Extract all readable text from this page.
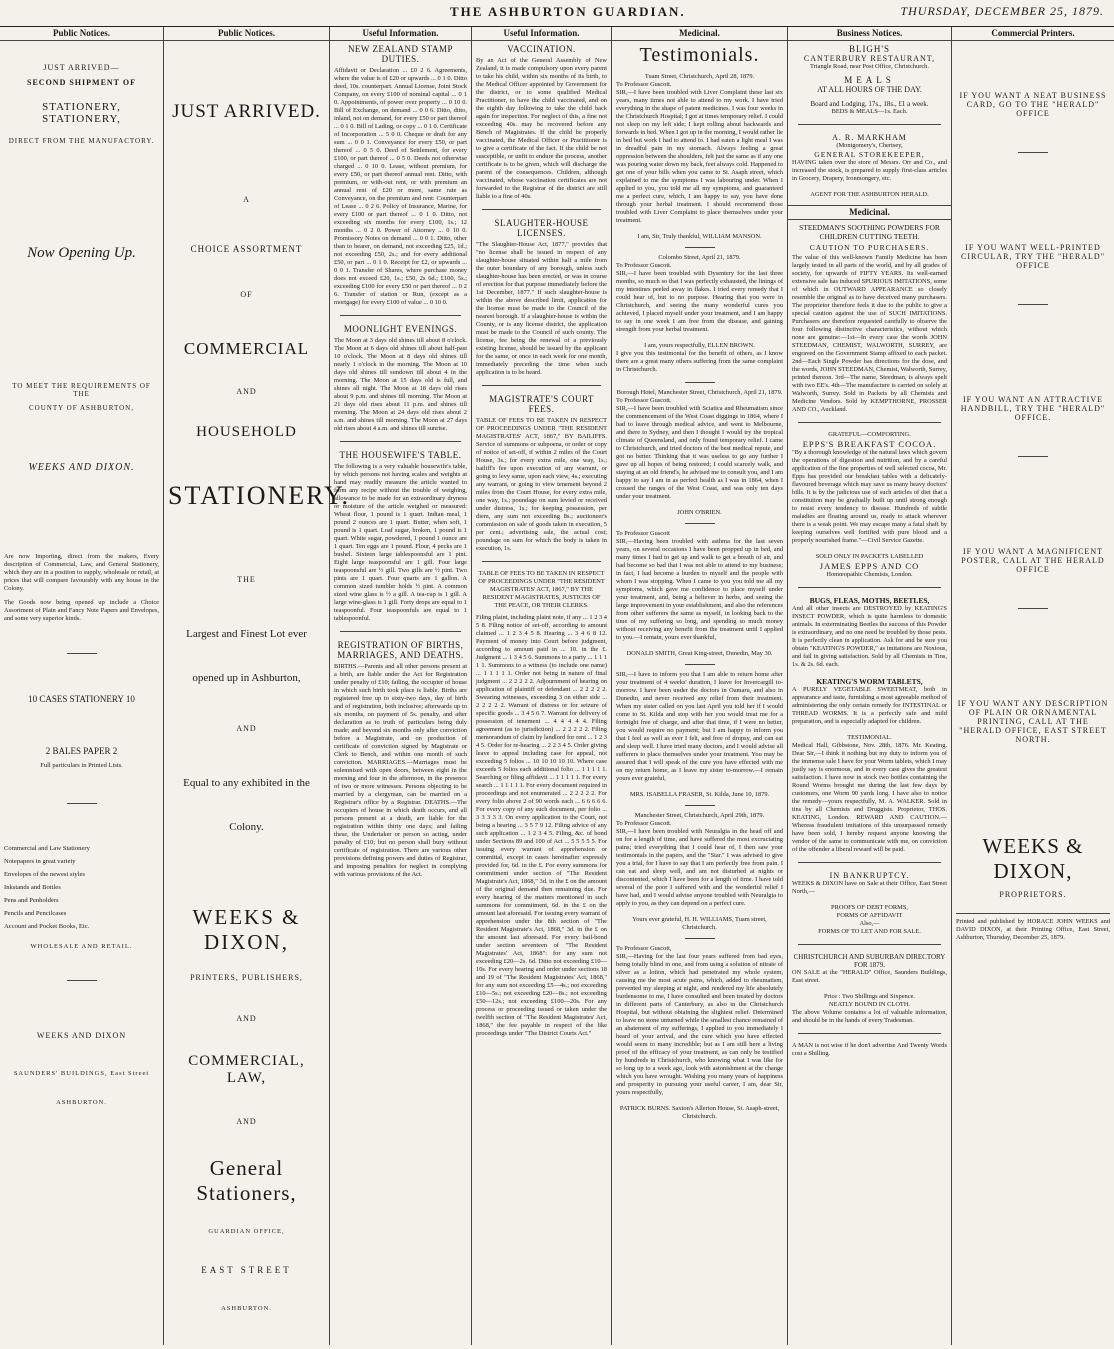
THE ASHBURTON GUARDIAN.	THURSDAY, DECEMBER 25, 1879.
Public Notices.
JUST ARRIVED—
SECOND SHIPMENT OF
STATIONERY, STATIONERY,
DIRECT FROM THE MANUFACTORY.
Now Opening Up.
TO MEET THE REQUIREMENTS OF THE
COUNTY OF ASHBURTON,
WEEKS AND DIXON.
Are now Importing, direct from the makers, Every description of Commercial, Law, and General Stationery, which they are in a position to supply, wholesale or retail, at prices that will compare favourably with any house in the Colony.
The Goods now being opened up include a Choice Assortment of Plain and Fancy Note Papers and Envelopes, and some very superior kinds.
10 CASES STATIONERY 10
2 BALES PAPER 2
Full particulars in Printed Lists.
Commercial and Law Stationery
Notepapers in great variety
Envelopes of the newest styles
Inkstands and Bottles
Pens and Penholders
Pencils and Pencilcases
Account and Pocket Books, Etc.
WHOLESALE AND RETAIL.
WEEKS AND DIXON
SAUNDERS' BUILDINGS, East Street
ASHBURTON.
Public Notices.
JUST ARRIVED.
A
CHOICE ASSORTMENT
OF
COMMERCIAL
AND
HOUSEHOLD
STATIONERY.
THE
Largest and Finest Lot ever
opened up in Ashburton,
AND
Equal to any exhibited in the
Colony.
WEEKS & DIXON,
PRINTERS, PUBLISHERS,
AND
COMMERCIAL, LAW,
AND
General Stationers,
GUARDIAN OFFICE,
EAST STREET
ASHBURTON.
Useful Information.
NEW ZEALAND STAMP DUTIES.
Affidavit or Declaration ... £0 2 6. Agreements, where the value is of £20 or upwards ... 0 1 0. Ditto deed, 10s. counterpart. Annual License, Joint Stock Company, on every £100 of nominal capital ... 0 1 0. Appointments, of power over property ... 0 10 0. Bill of Exchange, on demand ... 0 0 6. Ditto, ditto, inland, not on demand, for every £50 or part thereof ... 0 1 0. Bill of Lading, or copy ... 0 1 0. Certificate of Incorporation ... 5 0 0. Cheque or draft for any sum ... 0 0 1. Conveyance for every £50, or part thereof ... 0 5 0. Deed of Settlement, for every £100, or part thereof ... 0 5 0. Deeds not otherwise charged ... 0 10 0. Lease, without premium, for every £50, or part thereof annual rent. Ditto, with premium, or with-out rent, or with premium an annual rent of £20 or more, same rate as Conveyance, on the premium and rent: Counterpart of Lease ... 0 2 6. Policy of Insurance, Marine, for every £100 or part thereof ... 0 1 0. Ditto, not exceeding six months for every £100, 1s.; 12 months ... 0 2 0. Power of Attorney ... 0 10 0. Promissory Notes on demand ... 0 0 1. Ditto, other than to bearer, on demand, not exceeding £25, 1d.; not exceeding £50, 2s.; and for every additional £50, or part ... 0 1 0. Receipt for £2, or upwards ... 0 0 1. Transfer of Shares, where purchase money does not exceed £20, 1s.; £50, 2s 6d.; £100, 5s.; exceeding £100 for every £50 or part thereof ... 0 2 6. Transfer of station or Run, (except as a mortgage) for every £100 of value ... 0 10 0.
MOONLIGHT EVENINGS.
The Moon at 3 days old shines till about 8 o'clock. The Moon at 6 days old shines till about half-past 10 o'clock. The Moon at 8 days old shines till nearly 1 o'clock in the morning. The Moon at 10 days old shines till sundown till about 4 in the morning. The Moon at 15 days old is full, and shines all night. The Moon at 18 days old rises about 9 p.m. and shines till morning. The Moon at 21 days old rises about 11 p.m. and shines till morning. The Moon at 24 days old rises about 2 a.m. and shines till morning. The Moon at 27 days old rises about 4 a.m. and shines till sunrise.
THE HOUSEWIFE'S TABLE.
The following is a very valuable housewife's table, by which persons not having scales and weights at hand may readily measure the article wanted to form any recipe without the trouble of weighing, allowance to be made for an extraordinary dryness or moisture of the article weighed or measured: Wheat flour, 1 pound is 1 quart. Indian meal, 1 pound 2 ounces are 1 quart. Butter, when soft, 1 pound is 1 quart. Loaf sugar, broken, 1 pound is 1 quart. White sugar, powdered, 1 pound 1 ounce are 1 quart. Ten eggs are 1 pound. Flour, 4 pecks are 1 bushel. Sixteen large tablespoonsful are 1 pint. Eight large teaspoonsful are 1 gill. Four large teaspoonsful are ½ gill. Two gills are ½ pint. Two pints are 1 quart. Four quarts are 1 gallon. A common sized tumbler holds ½ pint. A common sized wine glass is ½ a gill. A tea-cup is 1 gill. A large wine-glass is 1 gill. Forty drops are equal to 1 teaspoonful. Four teaspoonfuls are equal to 1 tablespoonful.
REGISTRATION OF BIRTHS, MARRIAGES, AND DEATHS.
BIRTHS.—Parents and all other persons present at a birth, are liable under the Act for Registration under penalty of £10; failing, the occupier of house in which such birth took place is liable. Births are registered free up to sixty-two days, day of birth and of registration, both inclusive; afterwards up to six months, on payment of 5s. penalty, and after declaration as to truth of particulars being duly made; and beyond six months only after conviction before a Magistrate, and on production of certificate of conviction signed by Magistrate or Clerk to Bench, and within one month of such conviction. MARRIAGES.—Marriages must be solemnised with open doors, between eight in the morning and four in the afternoon, in the presence of two or more witnesses. Persons objecting to be married by a clergyman, can be married on a Registrar's office by a Registrar. DEATHS.—The occupiers of house in which death occurs, and all persons present at a death, are liable for the registration within thirty one days; and failing these, the Undertaker or person so acting, under penalty of £10; but no person shall bury without certificate of registration. There are various other provisions defining powers and duties of Registrar, and imposing penalties for neglect in complying with various provisions of the Act.
Useful Information.
VACCINATION.
By an Act of the General Assembly of New Zealand, it is made compulsory upon every parent to take his child, within six months of its birth, to the Medical Officer appointed by Government for the district, or to some qualified Medical Practitioner, to have the child vaccinated, and on the eighth day following to take the child back again for inspection. For neglect of this, a fine not exceeding 40s. may be recovered before any Bench of Magistrates. If the child be properly vaccinated, the Medical Officer or Practitioner is to give a certificate of the fact. If the child be not susceptible, or unfit to endure the process, another certificate is to be given, which will discharge the parent of the consequences. Children, although vaccinated, whose vaccination certificates are not forwarded to the Registrar of the district are still liable to a fine of 40s.
SLAUGHTER-HOUSE LICENSES.
"The Slaughter-House Act, 1877," provides that "no license shall be issued in respect of any slaughter-house situated within half a mile from the outer boundary of any borough, unless such slaughter-house has been erected, or was in course of erection for that purpose immediately before the 1st December, 1877." If such slaughter-house is within the above described limit, application for the license must be made to the Council of the nearest borough. If a slaughter-house is within the County, or is any license district, the application must be made to the Council of such county. The license, fee being the renewal of a previously existing license, should be issued by the applicant for the same, or once in each week for one month, immediately preceding the time when such application is to be heard.
MAGISTRATE'S COURT FEES.
TABLE OF FEES TO BE TAKEN IN RESPECT OF PROCEEDINGS UNDER "THE RESIDENT MAGISTRATES' ACT, 1867," BY BAILIFFS. Service of summons or subpoena, or order or copy of notice of set-off, if within 2 miles of the Court House, 3s.; for every extra mile, one way, 1s.; bailiff's fee upon execution of any warrant, or going to levy same, upon each view, 4s.; executing any warrant, or going to view tenement beyond 2 miles from the Court House, for every extra mile, one way, 1s.; poundage on sum levied or received under distress, 1s.; for keeping possession, per diem, any sum not exceeding 8s.; auctioneer's commission on sale of goods taken in execution, 5 per cent.; advertising sale, the actual cost; poundage on sum for which the body is taken in execution, 1s.
TABLE OF FEES TO BE TAKEN IN RESPECT OF PROCEEDINGS UNDER "THE RESIDENT MAGISTRATES' ACT, 1867," BY THE RESIDENT MAGISTRATES, JUSTICES OF THE PEACE, OR THEIR CLERKS.
Filing plaint, including plaint note, if any ... 1 2 3 4 5 8. Filing notice of set-off, according to amount claimed ... 1 2 3 4 5 8. Hearing ... 3 4 6 8 12. Payment of money into Court before judgment, according to amount paid in ... 10. in the £. Judgment ... 1 3 4 5 6. Summons to a party ... 1 1 1 1 1. Summons to a witness (to include one name) ... 1 1 1 1 1. Order not being in nature of final judgment ... 2 2 2 2 2. Adjournment of hearing on application of plaintiff or defendant ... 2 2 2 2 2. Swearing witnesses, exceeding 3 on either side ... 2 2 2 2 2. Warrant of distress or for seizure of specific goods ... 3 4 5 6 7. Warrant for delivery of possession of tenement ... 4 4 4 4 4. Filing agreement (as to jurisdiction) ... 2 2 2 2 2. Filing memorandum of claim by landlord for rent ... 1 2 3 4 5. Order for re-hearing ... 2 2 3 4 5. Order giving leave to appeal including case for appeal, not exceeding 5 folios ... 10 10 10 10 10. Where case exceeds 5 folios each additional folio ... 1 1 1 1 1. Searching or filing affidavit ... 1 1 1 1 1. For every search ... 1 1 1 1 1. For every document required in proceedings and not enumerated ... 2 2 2 2 2. For every folio above 2 of 90 words each ... 6 6 6 6 6. For every copy of any such document, per folio ... 3 3 3 3 3. On every application to the Court, not being a hearing ... 3 5 7 9 12. Filing advice of any such application ... 1 2 3 4 5. Filing, &c. of bond under Sections 89 and 100 of Act ... 5 5 5 5 5. For issuing every warrant of apprehension or committal, except in cases hereinafter expressly provided for, 6d. in the £. For every summons for commitment under section of "The Resident Magistrate's Act, 1868," 3d. in the £ on the amount of the original demand then remaining due. For every hearing of the matters mentioned in such summons for commitment, 6d. in the £ on the amount last aforesaid. For issuing every warrant of apprehension under the 8th section of "The Resident Magistrate's Act, 1868," 3d. in the £ on the amount last aforesaid. For every bail-bond under section seventeen of "The Resident Magistrates' Act, 1868": for any sum not exceeding £20—2s. 6d. Ditto not exceeding £10—10s. For every hearing and order under sections 18 and 19 of "The Resident Magistrates' Act, 1868," for any sum not exceeding £5—4s.; not exceeding £10—5s.; not exceeding £20—8s.; not exceeding £50—12s.; not exceeding £100—20s. For any process or proceeding issued or taken under the twelfth section of "The Resident Magistrates' Act, 1868," the fee payable in respect of the like proceedings under "The District Courts Act."
Medicinal.
Testimonials.
Tuam Street, Christchurch, April 28, 1879.
To Professor Guscott.
SIR,—I have been troubled with Liver Complaint these last six years, many times not able to attend to my work. I have tried everything in the shape of patent medicines. I was four weeks in the Christchurch Hospital; I got at times temporary relief. I could not sleep on my left side; I kept rolling about backwards and forwards in bed. When I got up in the morning, I would rather lie in bed but work I had to attend to. I had eaten a light meal I was in dreadful pain in my stomach. Always feeling a great oppression between the shoulders, felt just the same as if any one was pouring water down my back, feet always cold. Happened to get one of your bills when you came to St. Asaph street, which explained to me the symptoms I was labouring under. When I applied to you, you told me all my symptoms, and guaranteed me a perfect cure, which, I am happy to say, you have done through your herbal treatment. I should recommend those troubled with Liver Complaint to place themselves under your treatment.
I am, Sir, Truly thankful, WILLIAM MANSON.
Colombo Street, April 21, 1879.
To Professor Guscott.
SIR,—I have been troubled with Dysentery for the last three months, so much so that I was perfectly exhausted, the linings of my intestines peeled away in flakes. I tried every remedy that I could hear of, but to no purpose. Hearing that you were in Christchurch, and seeing the many wonderful cures you achieved, I placed myself under your treatment, and I am happy to say in one week I am free from the disease, and gaining strength from your herbal treatment.
I am, yours respectfully, ELLEN BROWN.
I give you this testimonial for the benefit of others, as I know there are a great many others suffering from the same complaint in Christchurch.
Borough Hotel, Manchester Street, Christchurch, April 21, 1879.
To Professor Guscott.
SIR,—I have been troubled with Sciatica and Rheumatism since the commencement of the West Coast diggings in 1864, where I had to leave through medical advice, and went to Melbourne, and there to Sydney, and then I thought I would try the tropical climate of Queensland, and only found temporary relief. I came to Christchurch, and tried doctors of the best medical repute, and got no better. Thinking that it was useless to go any further I gave up all hopes of being restored; I could scarcely walk, and staying at an old friend's, he advised me to consult you, and I am happy to say I am in as perfect health as I was in 1864, when I crossed the ranges of the West Coast, and was only ten days under your treatment.
JOHN O'BRIEN.
To Professor Guscott
SIR,—Having been troubled with asthma for the last seven years, on several occasions I have been propped up in bed, and many times I had to get up and walk to get a breath of air, and had become so bad that I was not able to attend to my business; in fact, I had become a burden to myself and the people with whom I was stopping. When I came to you you told me all my symptoms, which gave me confidence to place myself under your treatment, and, being a believer in herbs, and seeing the large improvement in your establishment, and also the references from other sufferers the same as myself, in looking back to the time of my suffering so long, and spending so much money without receiving any benefit from the treatment until I applied to you.—I remain, yours ever thankful,
DONALD SMITH, Great King-street, Dunedin, May 30.
SIR,—I have to inform you that I am able to return home after your treatment of 4 weeks' duration, I leave for Invercargill to-morrow. I have been under the doctors in Oamaru, and also in Dunedin, and never received any relief from their treatment. When my sister called on you last April you told her if I would come to St. Kilda and stop with her you would treat me for a fortnight free of charge, and after that time, if I were no better, you would require no payment; but I am happy to inform you that I feel as well as ever I felt, and free of dropsy, and can eat and sleep well. I have tried many doctors, and I would advise all sufferers to place themselves under your treatment. You may be assured that I will speak of the cure you have effected with me on my return home, as I leave my sister to-morrow.—I remain yours ever grateful,
MRS. ISABELLA FRASER, St. Kilda, June 10, 1879.
Manchester Street, Christchurch, April 29th, 1879.
To Professor Guscott.
SIR,—I have been troubled with Neuralgia in the head off and on for a length of time, and have suffered the most excruciating pains; tried everything that I could hear of, I then saw your testimonials in the papers, and the "Star." I was advised to give you a trial, for I have to say that I am perfectly free from pain. I can eat and sleep well, and am not disturbed at nights or discontented, which I have been for a length of time. I have told several of the poor I suffered with and the wonderful relief I have had, and I would advise anyone troubled with Neuralgia to apply to you, as they can depend on a perfect cure.
Yours ever grateful, H. H. WILLIAMS, Tuam street, Christchurch.
To Professor Guscott,
SIR,—Having for the last four years suffered from bad eyes, being totally blind in one, and from using a solution of nitrate of silver as a lotion, which had penetrated my whole system, causing me the most acute pains, which, added to rheumatism, prevented my sleeping at night, and rendered my life absolutely burdensome to me, I have consulted and been treated by doctors in different parts of Canterbury, as also in the Christchurch Hospital, but without obtaining the slightest relief. Determined to leave no stone unturned while the smallest chance remained of an abatement of my sufferings, I applied to you immediately I heard of your arrival, and the cure which you have effected would seem to many incredible; but as I am still here a living proof of the efficacy of your treatment, as can only be testified by hundreds in Christchurch, who knowing what I was like for so long up to a week ago, look with astonishment at the change which you have wrought. Wishing you many years of happiness and prosperity in pursuing your useful career, I am, dear Sir, yours respectfully,
PATRICK BURNS. Saxton's Allerton House, St. Asaph-street, Christchurch.
Business Notices.
BLIGH'S
CANTERBURY RESTAURANT,
Triangle Road, near Post Office, Christchurch.
MEALS
AT ALL HOURS OF THE DAY.
Board and Lodging, 17s., 18s., £1 a week.
BEDS & MEALS—1s. Each.
A. R. MARKHAM
(Montgomery's, Chertsey,
GENERAL STOREKEEPER,
HAVING taken over the store of Messrs. Orr and Co., and increased the stock, is prepared to supply first-class articles in Grocery, Drapery, Ironmongery, etc.
AGENT FOR THE ASHBURTON HERALD.
Medicinal.
STEEDMAN'S SOOTHING POWDERS FOR CHILDREN CUTTING TEETH.
CAUTION TO PURCHASERS.
The value of this well-known Family Medicine has been largely tested in all parts of the world, and by all grades of society, for upwards of FIFTY YEARS. Its well-earned extensive sale has induced SPURIOUS IMITATIONS, some of which in OUTWARD APPEARANCE so closely resemble the original as to have deceived many purchasers. The proprietor therefore feels it due to the public to give a special caution against the use of SUCH IMITATIONS. Purchasers are therefore requested carefully to observe the four following distinctive characteristics, without which none are genuine:—1st—In every case the words JOHN STEEDMAN, CHEMIST, WALWORTH, SURREY, are engraved on the Government Stamp affixed to each packet. 2nd—Each Single Powder has directions for the dose, and the words, JOHN STEEDMAN, Chemist, Walworth, Surrey, printed thereon. 3rd—The name, Steedman, is always spelt with two EE's. 4th—The manufacture is carried on solely at Walworth, Surrey. Sold in Packets by all Chemists and Medicine Vendors. Sold by KEMPTHORNE, PROSSER AND CO., Auckland.
GRATEFUL—COMFORTING.
EPPS'S BREAKFAST COCOA.
"By a thorough knowledge of the natural laws which govern the operations of digestion and nutrition, and by a careful application of the fine properties of well selected cocoa, Mr. Epps has provided our breakfast tables with a delicately-flavoured beverage which may save us many heavy doctors' bills. It is by the judicious use of such articles of diet that a constitution may be gradually built up until strong enough to resist every tendency to disease. Hundreds of subtle maladies are floating around us, ready to attack wherever there is a weak point. We may escape many a fatal shaft by keeping ourselves well fortified with pure blood and a properly nourished frame."—Civil Service Gazette.
SOLD ONLY IN PACKETS LABELLED
JAMES EPPS AND CO
Homœopathic Chemists, London.
BUGS, FLEAS, MOTHS, BEETLES,
And all other insects are DESTROYED by KEATING'S INSECT POWDER, which is quite harmless to domestic animals. In exterminating Beetles the success of this Powder is extraordinary, and no one need be troubled by those pests. It is perfectly clean in application. Ask for and be sure you obtain "KEATING'S POWDER," as imitations are Noxious, and fail in giving satisfaction. Sold by all Chemists in Tins, 1s. & 2s. 6d. each.
KEATING'S WORM TABLETS,
A PURELY VEGETABLE SWEETMEAT, both in appearance and taste, furnishing a most agreeable method of administering the only certain remedy for INTESTINAL or THREAD WORMS. It is a perfectly safe and mild preparation, and is especially adapted for children.
TESTIMONIAL.
Medical Hall, Gibbstone, Nov. 28th, 1876. Mr. Keating. Dear Sir,—I think it nothing but my duty to inform you of the immense sale I have for your Worm tablets, which I may justly say is enormous, and in every case gives the greatest satisfaction. I have now in stock two bottles containing the Round Worms brought me during the last few days by customers, one Worm 90 yards long. I have also to notice the remedy—yours respectfully, M. A. WALKER. Sold in tins by all Chemists and Druggists. Proprietor, THOS. KEATING, London. REWARD AND CAUTION.—Whereas fraudulent imitations of this unsurpassed remedy have been sold, I hereby request anyone knowing the vendor of the same to communicate with me, on conviction of the offender a liberal reward will be paid.
IN BANKRUPTCY.
WEEKS & DIXON have on Sale at their Office, East Street North,—
PROOFS OF DEBT FORMS,
FORMS OF AFFIDAVIT
Also,—
FORMS OF TO LET AND FOR SALE.
CHRISTCHURCH AND SUBURBAN DIRECTORY FOR 1879.
ON SALE at the "HERALD" Office, Saunders Buildings, East street.
Price : Two Shillings and Sixpence.
NEATLY BOUND IN CLOTH.
The above Volume contains a lot of valuable information, and should be in the hands of every Tradesman.
A MAN is not wise if he don't advertise And Twenty Words cost a Shilling.
Commercial Printers.
IF YOU WANT A NEAT BUSINESS CARD, GO TO THE "HERALD" OFFICE
IF YOU WANT WELL-PRINTED CIRCULAR, TRY THE "HERALD" OFFICE
IF YOU WANT AN ATTRACTIVE HANDBILL, TRY THE "HERALD" OFFICE.
IF YOU WANT A MAGNIFICENT POSTER, CALL AT THE HERALD OFFICE
IF YOU WANT ANY DESCRIPTION OF PLAIN OR ORNAMENTAL PRINTING, CALL AT THE "HERALD OFFICE, EAST STREET NORTH.
WEEKS & DIXON,
PROPRIETORS.
Printed and published by HORACE JOHN WEEKS and DAVID DIXON, at their Printing Office, East Street, Ashburton, Thursday, December 25, 1879.
